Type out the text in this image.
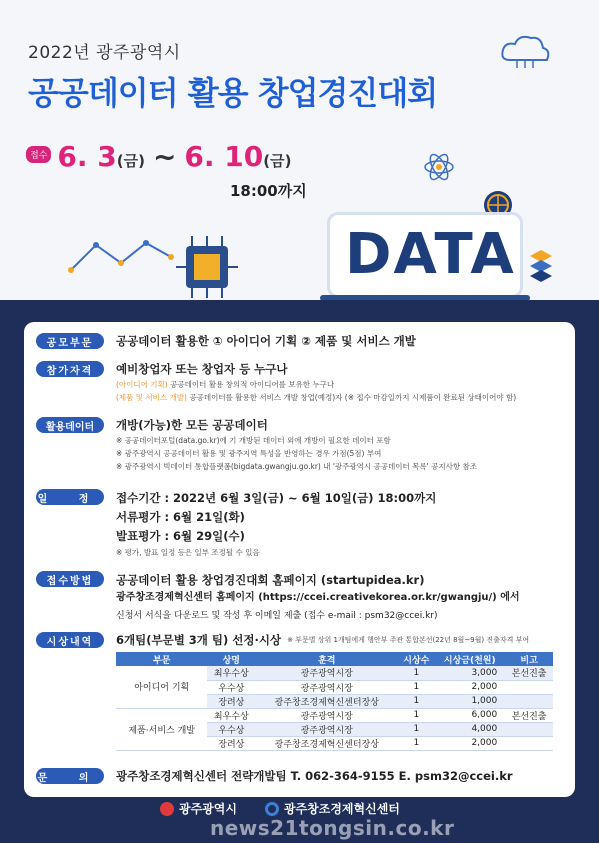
2022년 광주광역시
공공데이터 활용 창업경진대회
접수 6. 3 (금) ~ 6. 10 (금)
18:00까지
DATA
공모부문	공공데이터 활용한 ① 아이디어 기획 ② 제품 및 서비스 개발
참가자격	예비창업자 또는 창업자 등 누구나
(아이디어 기획) 공공데이터 활용 창의적 아이디어를 보유한 누구나
(제품 및 서비스 개발) 공공데이터를 활용한 서비스 개발 창업(예정)자 (※ 접수 마감일까지 시제품이 완료된 상태이어야 함)
활용데이터	개방(가능)한 모든 공공데이터
※ 공공데이터포털(data.go.kr)에 기 개방된 데이터 외에 개방이 필요한 데이터 포함
※ 광주광역시 공공데이터 활용 및 광주지역 특성을 반영하는 경우 가점(5점) 부여
※ 광주광역시 빅데이터 통합플랫폼(bigdata.gwangju.go.kr) 내 '광주광역시 공공데이터 목록' 공지사항 참조
일 정 접수기간 : 2022년 6월 3일(금) ~ 6월 10일(금) 18:00까지
서류평가 : 6월 21일(화)
발표평가 : 6월 29일(수)
※ 평가, 발표 일정 등은 일부 조정될 수 있음
접수방법	공공데이터 활용 창업경진대회 홈페이지 (startupidea.kr)
광주창조경제혁신센터 홈페이지 (https://ccei.creativekorea.or.kr/gwangju/) 에서
신청서 서식을 다운로드 및 작성 후 이메일 제출 (접수 e-mail : psm32@ccei.kr)
시상내역	6개팀(부문별 3개 팀) 선정·시상 ※ 부문별 상위 1개팀에게 행안부 주관 통합본선(22년 8월~9월) 진출자격 부여
부문	상명	훈격	시상수	시상금(천원)	비고
아이디어 기획	최우수상	광주광역시장	1	3,000	본선진출
	우수상	광주광역시장	1	2,000	
	장려상	광주창조경제혁신센터장상	1	1,000	
제품·서비스 개발	최우수상	광주광역시장	1	6,000	본선진출
	우수상	광주광역시장	1	4,000	
	장려상	광주창조경제혁신센터장상	1	2,000	
문 의 광주창조경제혁신센터 전략개발팀 T. 062-364-9155 E. psm32@ccei.kr
광주광역시	광주창조경제혁신센터
news21tongsin.co.kr
